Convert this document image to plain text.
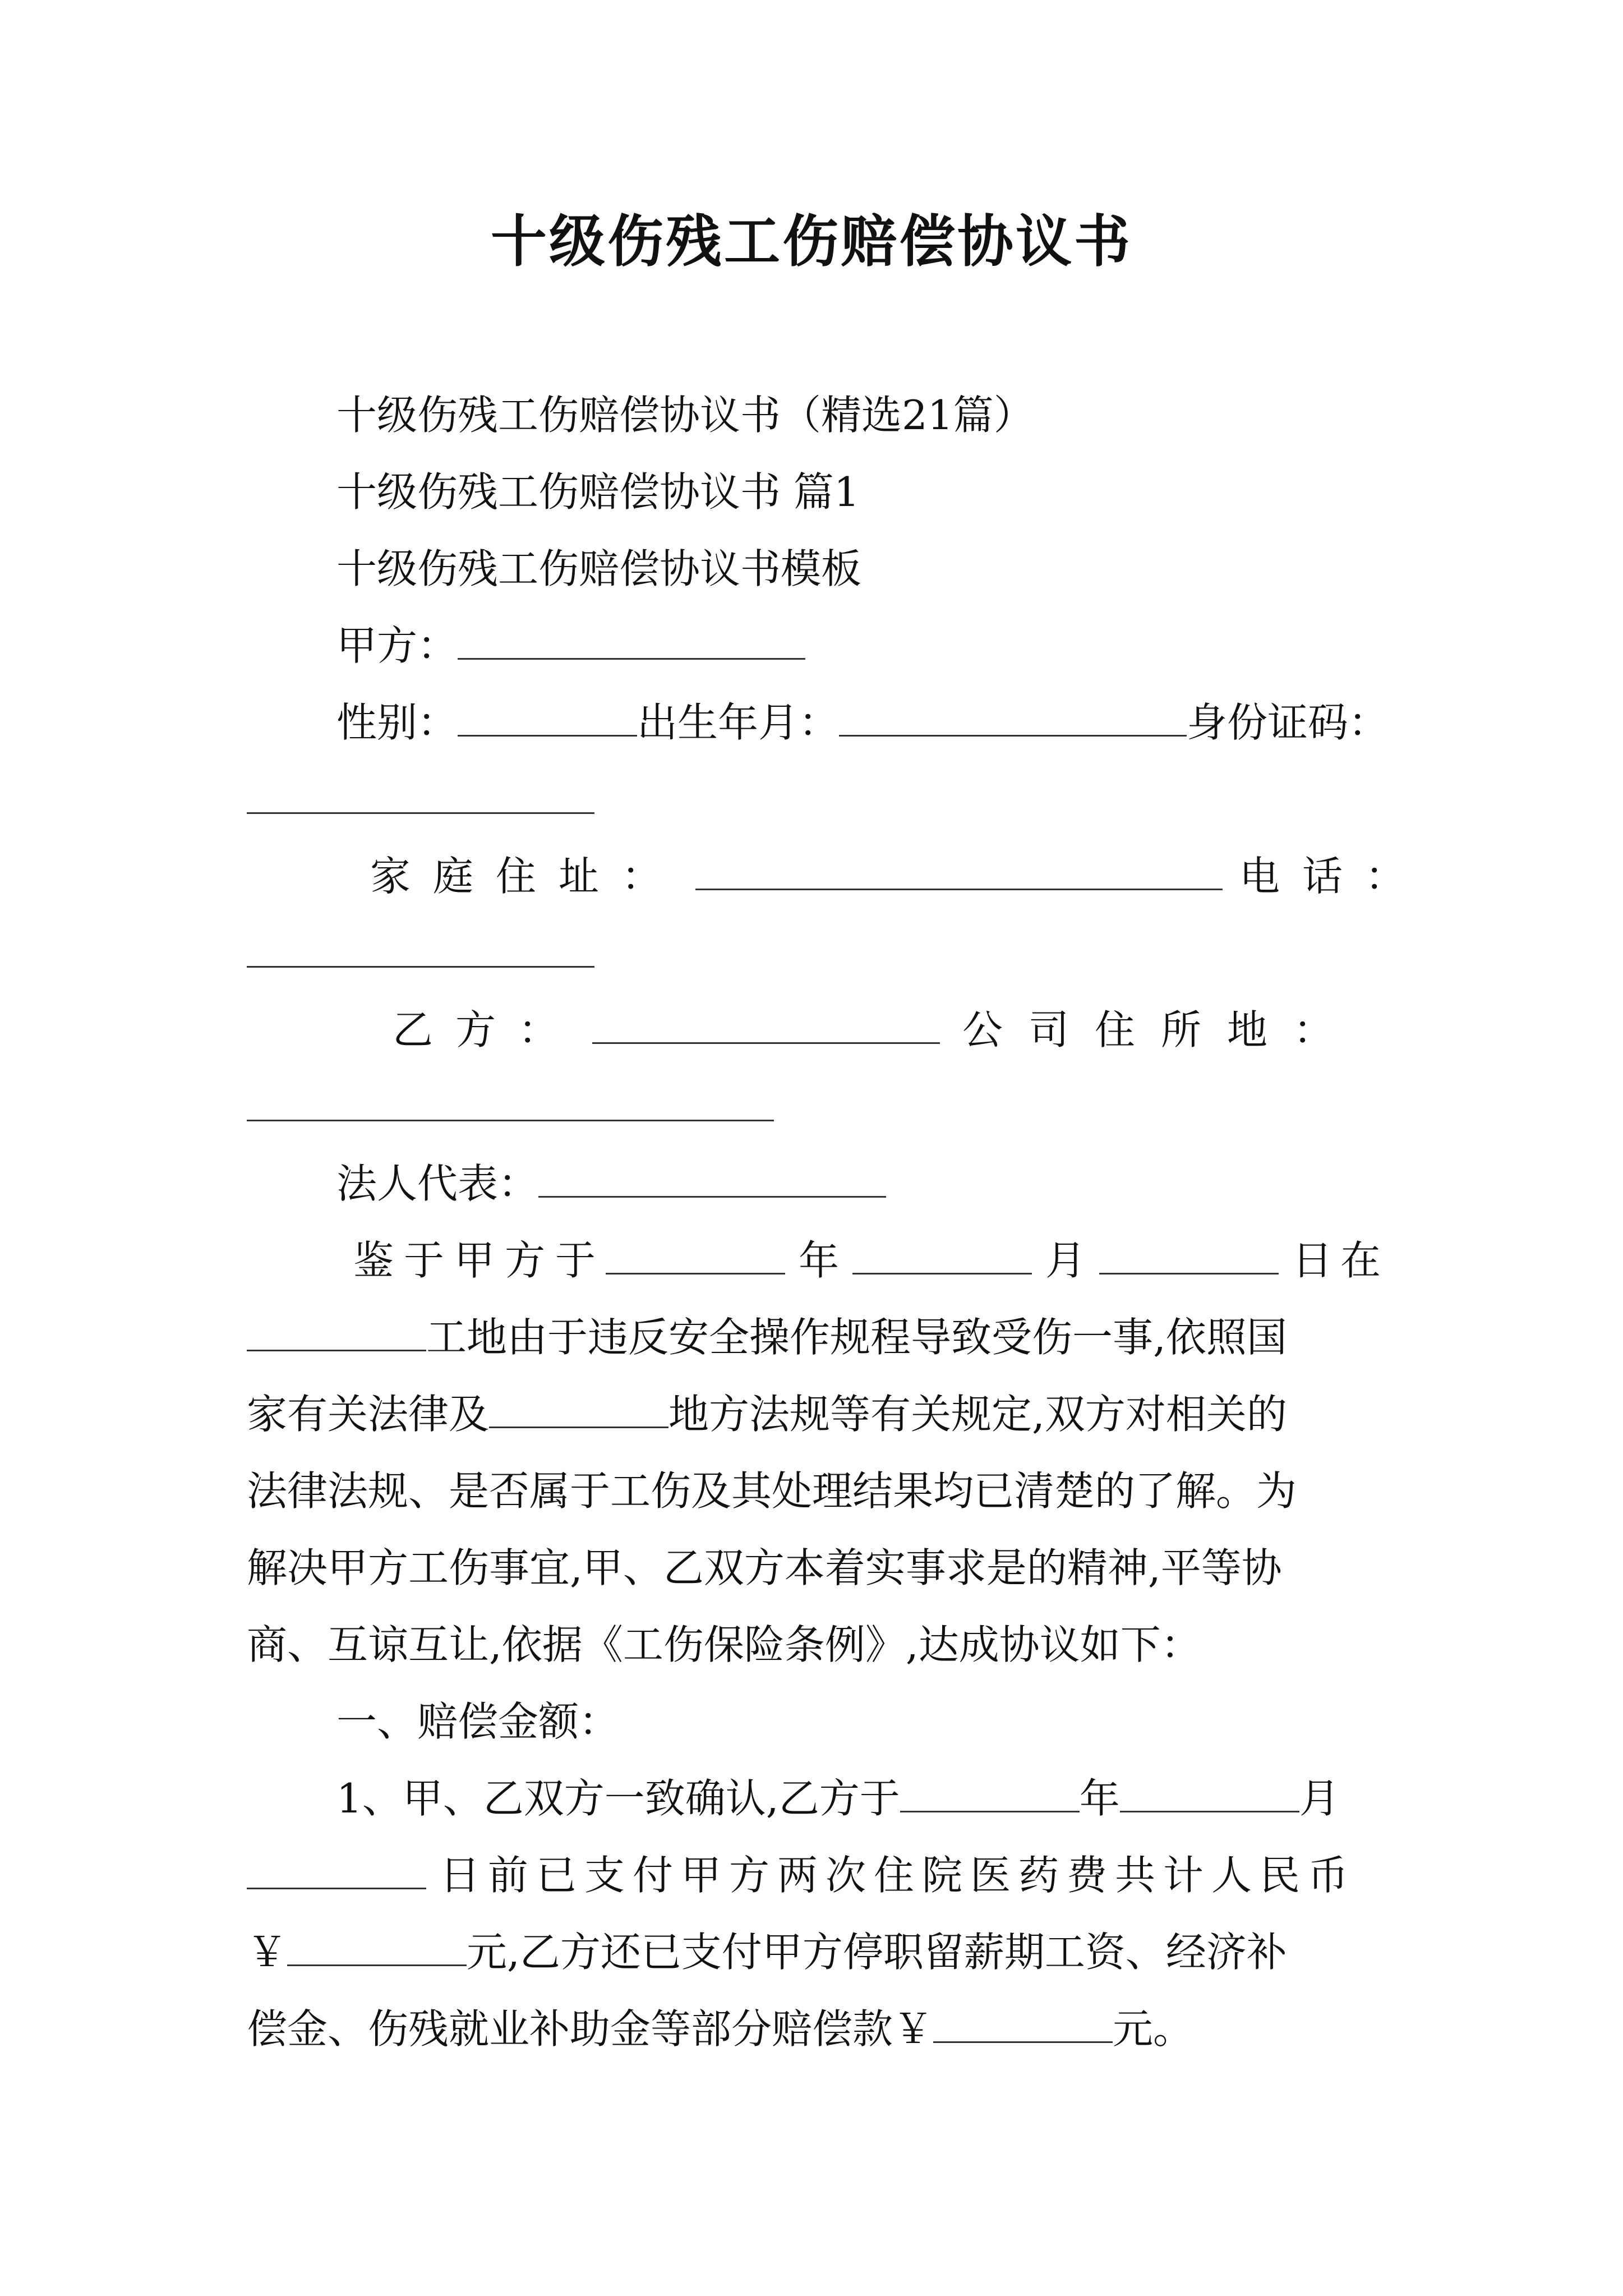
十级伤残工伤赔偿协议书
十级伤残工伤赔偿协议书（精选21篇）
十级伤残工伤赔偿协议书 篇1
十级伤残工伤赔偿协议书模板
甲方：
性别：	出生年月：	身份证码：
家庭住址：	电话：
乙方：	公司住所地：
法人代表：
鉴于甲方于	年	月	日在
工地由于违反安全操作规程导致受伤一事,依照国
家有关法律及	地方法规等有关规定,双方对相关的
法律法规、是否属于工伤及其处理结果均已清楚的了解。为
解决甲方工伤事宜,甲、乙双方本着实事求是的精神,平等协
商、互谅互让,依据《工伤保险条例》,达成协议如下：
一、赔偿金额：
1、甲、乙双方一致确认,乙方于	年	月
日前已支付甲方两次住院医药费共计人民币
￥	元,乙方还已支付甲方停职留薪期工资、经济补
偿金、伤残就业补助金等部分赔偿款￥	元。
